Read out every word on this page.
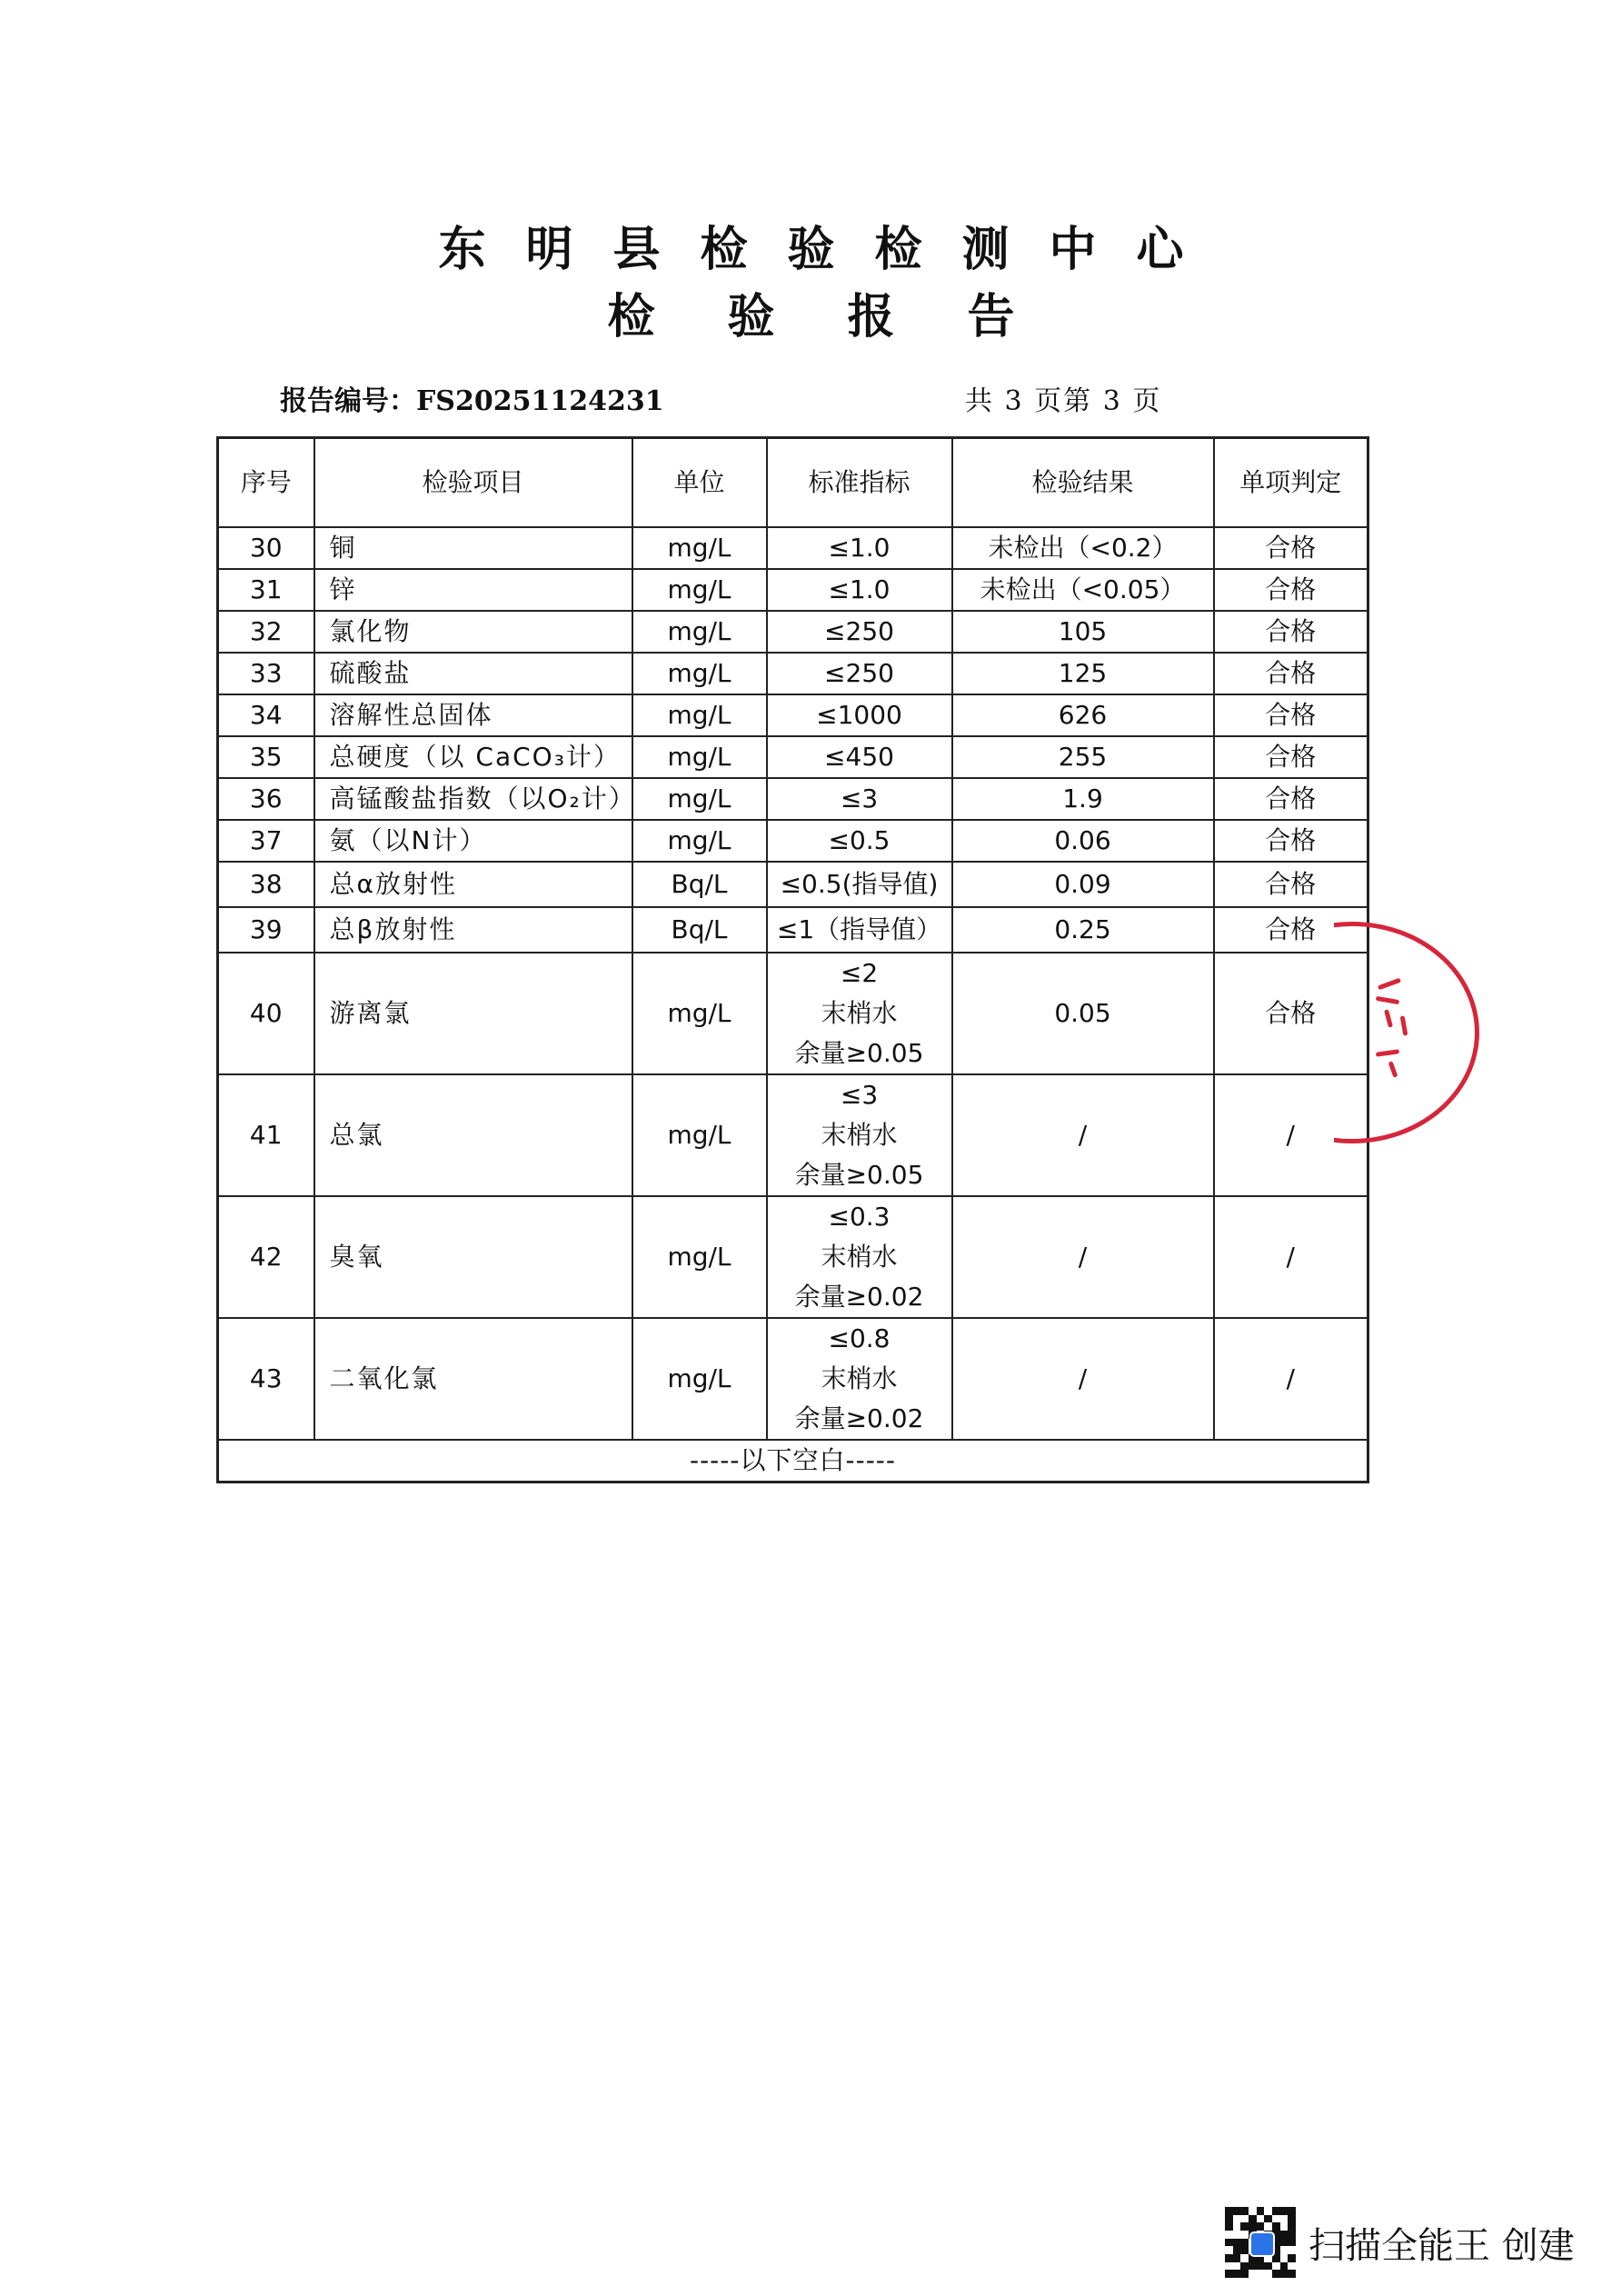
东明县检验检测中心
检验报告
报告编号：FS20251124231	共 3 页第 3 页
序号	检验项目	单位	标准指标	检验结果	单项判定
30	铜	mg/L	≤1.0	未检出（<0.2）	合格
31	锌	mg/L	≤1.0	未检出（<0.05）	合格
32	氯化物	mg/L	≤250	105	合格
33	硫酸盐	mg/L	≤250	125	合格
34	溶解性总固体	mg/L	≤1000	626	合格
35	总硬度（以 CaCO₃计）	mg/L	≤450	255	合格
36	高锰酸盐指数（以O₂计）	mg/L	≤3	1.9	合格
37	氨（以N计）	mg/L	≤0.5	0.06	合格
38	总α放射性	Bq/L	≤0.5(指导值)	0.09	合格
39	总β放射性	Bq/L	≤1（指导值）	0.25	合格
40	游离氯	mg/L	≤2
末梢水
余量≥0.05	0.05	合格
41	总氯	mg/L	≤3
末梢水
余量≥0.05	/	/
42	臭氧	mg/L	≤0.3
末梢水
余量≥0.02	/	/
43	二氧化氯	mg/L	≤0.8
末梢水
余量≥0.02	/	/
-----以下空白-----					
扫描全能王 创建
